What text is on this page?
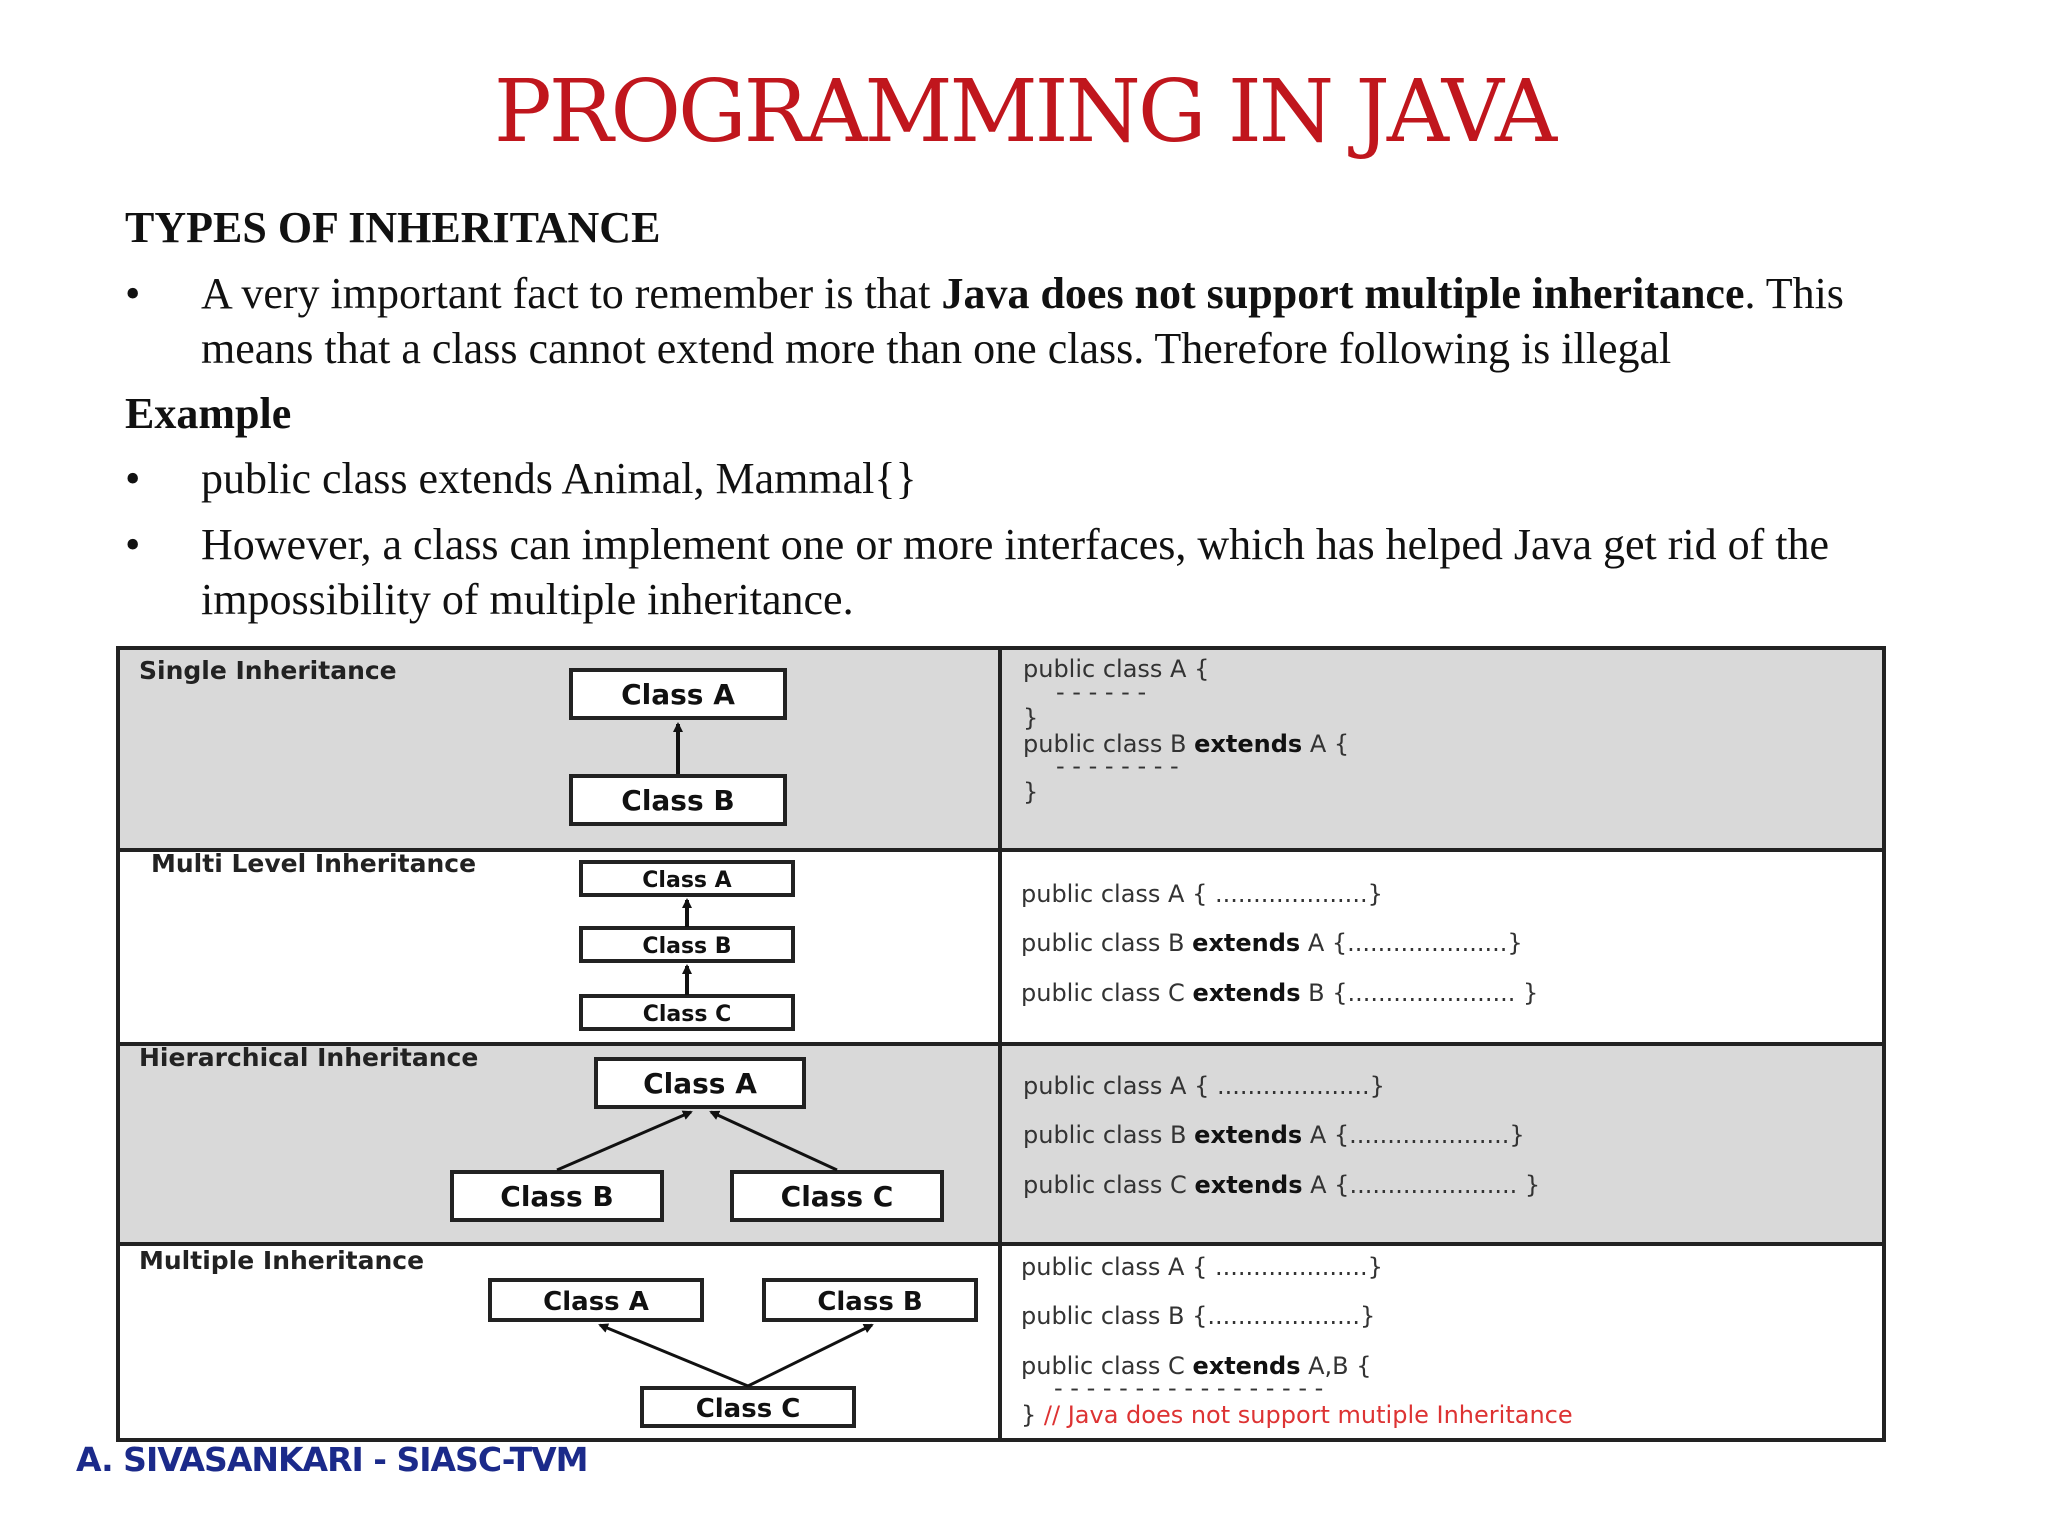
PROGRAMMING IN JAVA
TYPES OF INHERITANCE
• A very important fact to remember is that Java does not support multiple inheritance. This means that a class cannot extend more than one class. Therefore following is illegal
Example
• public class extends Animal, Mammal{}
• However, a class can implement one or more interfaces, which has helped Java get rid of the impossibility of multiple inheritance.
Single Inheritance
Class A
Class B
public class A {
- - - - - -
}
public class B extends A {
- - - - - - - -
}
Multi Level Inheritance
Class A
Class B
Class C
public class A { ....................}
public class B extends A {.....................}
public class C extends B {...................... }
Hierarchical Inheritance
Class A
Class B	Class C
public class A { ....................}
public class B extends A {.....................}
public class C extends A {...................... }
Multiple Inheritance
Class A	Class B
Class C
public class A { ....................}
public class B {....................}
public class C extends A,B {
- - - - - - - - - - - - - - - - -
} // Java does not support mutiple Inheritance
A. SIVASANKARI - SIASC-TVM
